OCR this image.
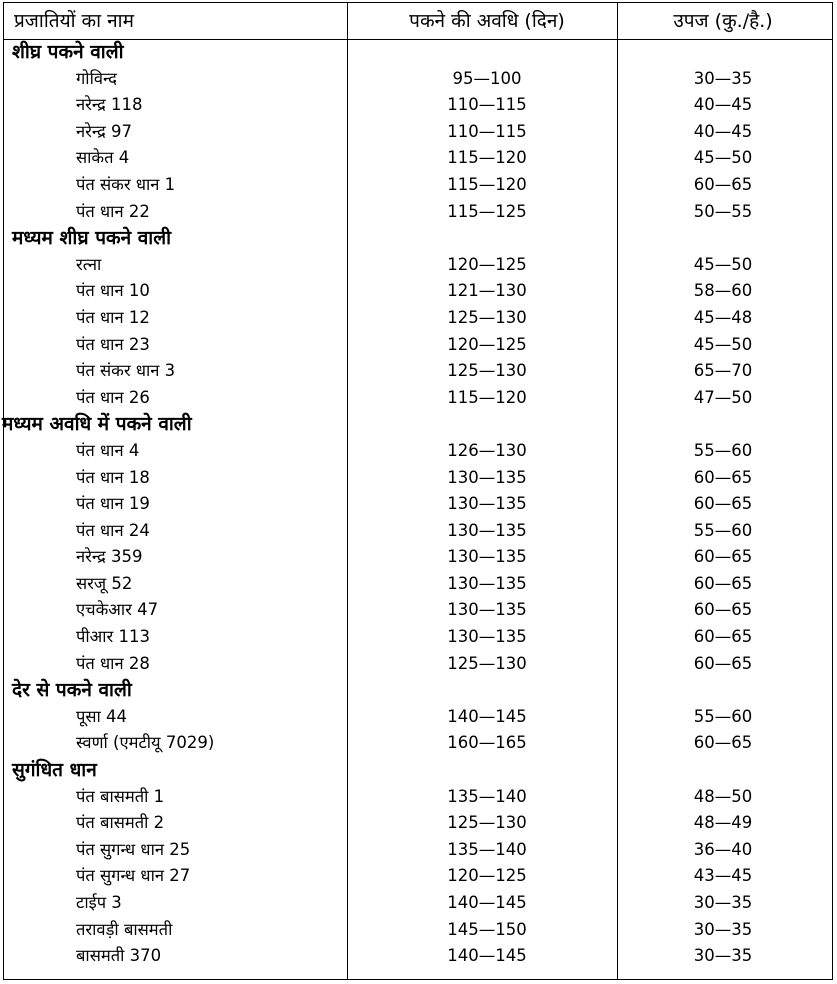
प्रजातियों का नाम	पकने की अवधि (दिन)	उपज (कु./है.)
शीघ्र पकने वाली
गोविन्द	95—100	30—35
नरेन्द्र 118	110—115	40—45
नरेन्द्र 97	110—115	40—45
साकेत 4	115—120	45—50
पंत संकर धान 1	115—120	60—65
पंत धान 22	115—125	50—55
मध्यम शीघ्र पकने वाली
रत्ना	120—125	45—50
पंत धान 10	121—130	58—60
पंत धान 12	125—130	45—48
पंत धान 23	120—125	45—50
पंत संकर धान 3	125—130	65—70
पंत धान 26	115—120	47—50
मध्यम अवधि में पकने वाली
पंत धान 4	126—130	55—60
पंत धान 18	130—135	60—65
पंत धान 19	130—135	60—65
पंत धान 24	130—135	55—60
नरेन्द्र 359	130—135	60—65
सरजू 52	130—135	60—65
एचकेआर 47	130—135	60—65
पीआर 113	130—135	60—65
पंत धान 28	125—130	60—65
देर से पकने वाली
पूसा 44	140—145	55—60
स्वर्णा (एमटीयू 7029)	160—165	60—65
सुगंधित धान
पंत बासमती 1	135—140	48—50
पंत बासमती 2	125—130	48—49
पंत सुगन्ध धान 25	135—140	36—40
पंत सुगन्ध धान 27	120—125	43—45
टाईप 3	140—145	30—35
तरावड़ी बासमती	145—150	30—35
बासमती 370	140—145	30—35
